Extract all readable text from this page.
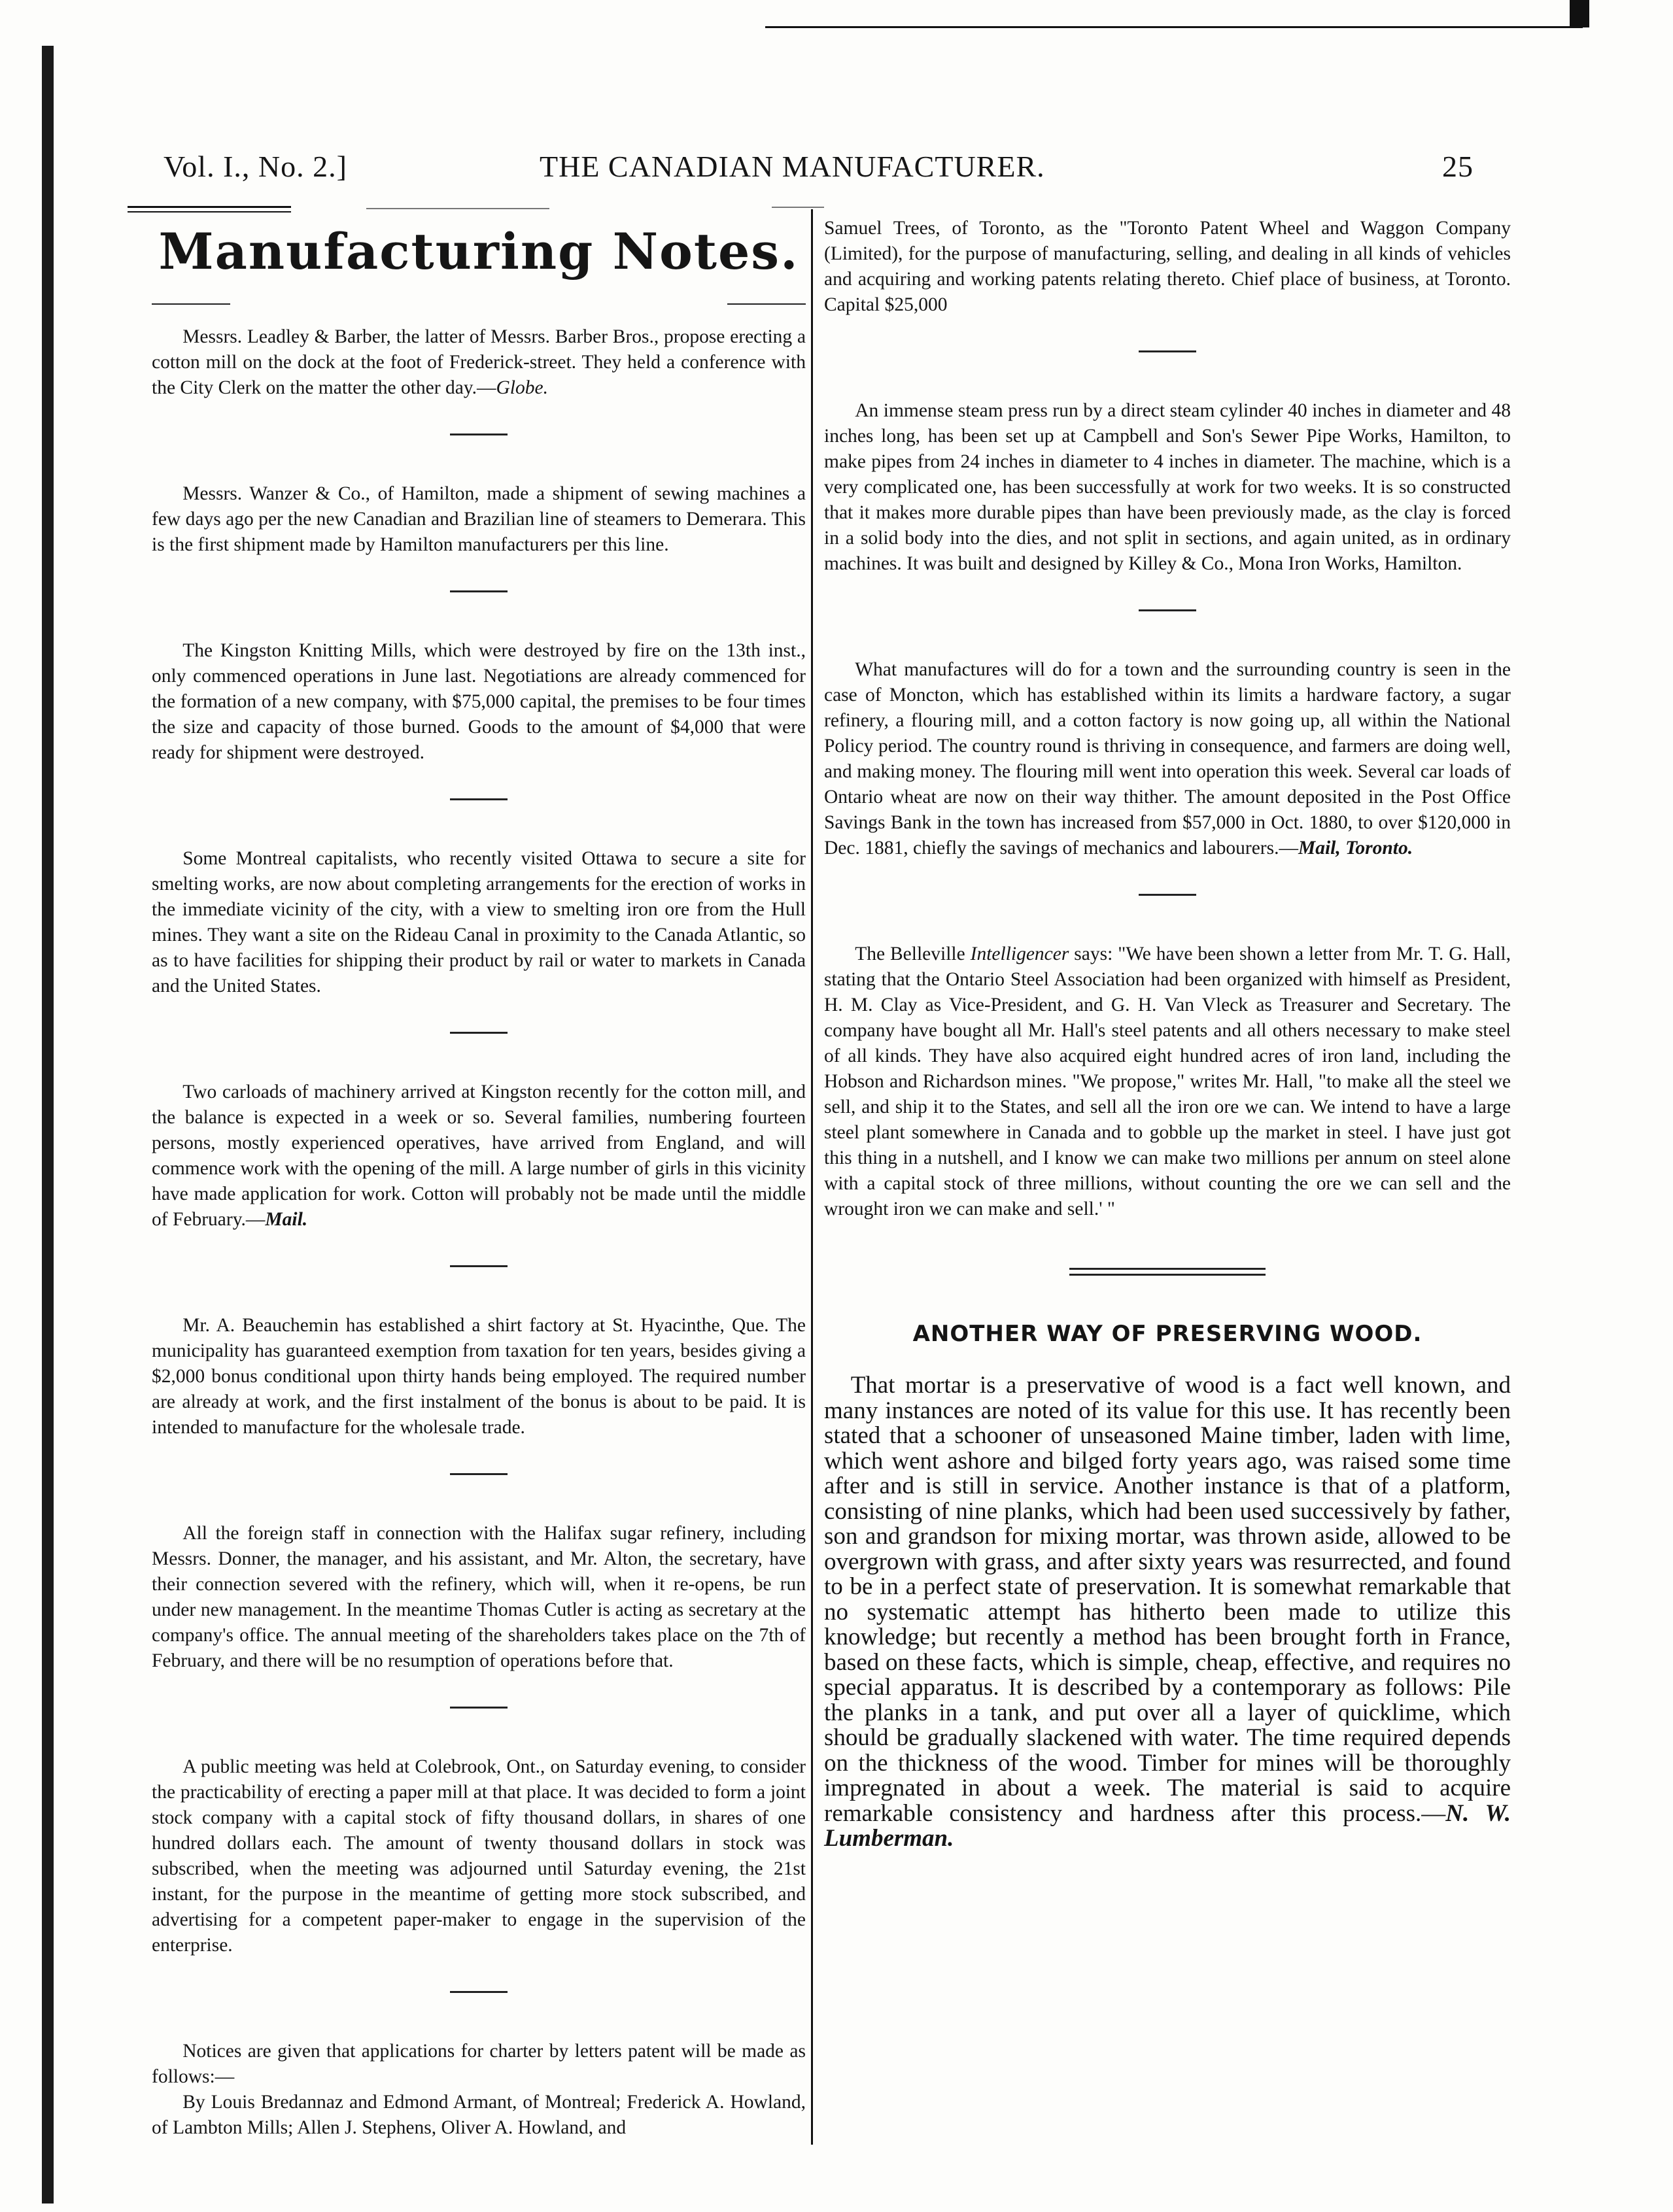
Vol. I., No. 2.]	THE CANADIAN MANUFACTURER.	25
Manufacturing Notes.

Messrs. Leadley & Barber, the latter of Messrs. Barber Bros., propose erecting a cotton mill on the dock at the foot of Frederick-street. They held a conference with the City Clerk on the matter the other day.—Globe.

Messrs. Wanzer & Co., of Hamilton, made a shipment of sewing machines a few days ago per the new Canadian and Brazilian line of steamers to Demerara. This is the first shipment made by Hamilton manufacturers per this line.

The Kingston Knitting Mills, which were destroyed by fire on the 13th inst., only commenced operations in June last. Negotiations are already commenced for the formation of a new company, with $75,000 capital, the premises to be four times the size and capacity of those burned. Goods to the amount of $4,000 that were ready for shipment were destroyed.

Some Montreal capitalists, who recently visited Ottawa to secure a site for smelting works, are now about completing arrangements for the erection of works in the immediate vicinity of the city, with a view to smelting iron ore from the Hull mines. They want a site on the Rideau Canal in proximity to the Canada Atlantic, so as to have facilities for shipping their product by rail or water to markets in Canada and the United States.

Two carloads of machinery arrived at Kingston recently for the cotton mill, and the balance is expected in a week or so. Several families, numbering fourteen persons, mostly experienced operatives, have arrived from England, and will commence work with the opening of the mill. A large number of girls in this vicinity have made application for work. Cotton will probably not be made until the middle of February.—Mail.

Mr. A. Beauchemin has established a shirt factory at St. Hyacinthe, Que. The municipality has guaranteed exemption from taxation for ten years, besides giving a $2,000 bonus conditional upon thirty hands being employed. The required number are already at work, and the first instalment of the bonus is about to be paid. It is intended to manufacture for the wholesale trade.

All the foreign staff in connection with the Halifax sugar refinery, including Messrs. Donner, the manager, and his assistant, and Mr. Alton, the secretary, have their connection severed with the refinery, which will, when it re-opens, be run under new management. In the meantime Thomas Cutler is acting as secretary at the company's office. The annual meeting of the shareholders takes place on the 7th of February, and there will be no resumption of operations before that.

A public meeting was held at Colebrook, Ont., on Saturday evening, to consider the practicability of erecting a paper mill at that place. It was decided to form a joint stock company with a capital stock of fifty thousand dollars, in shares of one hundred dollars each. The amount of twenty thousand dollars in stock was subscribed, when the meeting was adjourned until Saturday evening, the 21st instant, for the purpose in the meantime of getting more stock subscribed, and advertising for a competent paper-maker to engage in the supervision of the enterprise.

Notices are given that applications for charter by letters patent will be made as follows:—

By Louis Bredannaz and Edmond Armant, of Montreal; Frederick A. Howland, of Lambton Mills; Allen J. Stephens, Oliver A. Howland, and

Samuel Trees, of Toronto, as the "Toronto Patent Wheel and Waggon Company (Limited), for the purpose of manufacturing, selling, and dealing in all kinds of vehicles and acquiring and working patents relating thereto. Chief place of business, at Toronto. Capital $25,000

An immense steam press run by a direct steam cylinder 40 inches in diameter and 48 inches long, has been set up at Campbell and Son's Sewer Pipe Works, Hamilton, to make pipes from 24 inches in diameter to 4 inches in diameter. The machine, which is a very complicated one, has been successfully at work for two weeks. It is so constructed that it makes more durable pipes than have been previously made, as the clay is forced in a solid body into the dies, and not split in sections, and again united, as in ordinary machines. It was built and designed by Killey & Co., Mona Iron Works, Hamilton.

What manufactures will do for a town and the surrounding country is seen in the case of Moncton, which has established within its limits a hardware factory, a sugar refinery, a flouring mill, and a cotton factory is now going up, all within the National Policy period. The country round is thriving in consequence, and farmers are doing well, and making money. The flouring mill went into operation this week. Several car loads of Ontario wheat are now on their way thither. The amount deposited in the Post Office Savings Bank in the town has increased from $57,000 in Oct. 1880, to over $120,000 in Dec. 1881, chiefly the savings of mechanics and labourers.—Mail, Toronto.

The Belleville Intelligencer says: "We have been shown a letter from Mr. T. G. Hall, stating that the Ontario Steel Association had been organized with himself as President, H. M. Clay as Vice-President, and G. H. Van Vleck as Treasurer and Secretary. The company have bought all Mr. Hall's steel patents and all others necessary to make steel of all kinds. They have also acquired eight hundred acres of iron land, including the Hobson and Richardson mines. "We propose," writes Mr. Hall, "to make all the steel we sell, and ship it to the States, and sell all the iron ore we can. We intend to have a large steel plant somewhere in Canada and to gobble up the market in steel. I have just got this thing in a nutshell, and I know we can make two millions per annum on steel alone with a capital stock of three millions, without counting the ore we can sell and the wrought iron we can make and sell.' "

ANOTHER WAY OF PRESERVING WOOD.

That mortar is a preservative of wood is a fact well known, and many instances are noted of its value for this use. It has recently been stated that a schooner of unseasoned Maine timber, laden with lime, which went ashore and bilged forty years ago, was raised some time after and is still in service. Another instance is that of a platform, consisting of nine planks, which had been used successively by father, son and grandson for mixing mortar, was thrown aside, allowed to be overgrown with grass, and after sixty years was resurrected, and found to be in a perfect state of preservation. It is somewhat remarkable that no systematic attempt has hitherto been made to utilize this knowledge; but recently a method has been brought forth in France, based on these facts, which is simple, cheap, effective, and requires no special apparatus. It is described by a contemporary as follows: Pile the planks in a tank, and put over all a layer of quicklime, which should be gradually slackened with water. The time required depends on the thickness of the wood. Timber for mines will be thoroughly impregnated in about a week. The material is said to acquire remarkable consistency and hardness after this process.—N. W. Lumberman.
